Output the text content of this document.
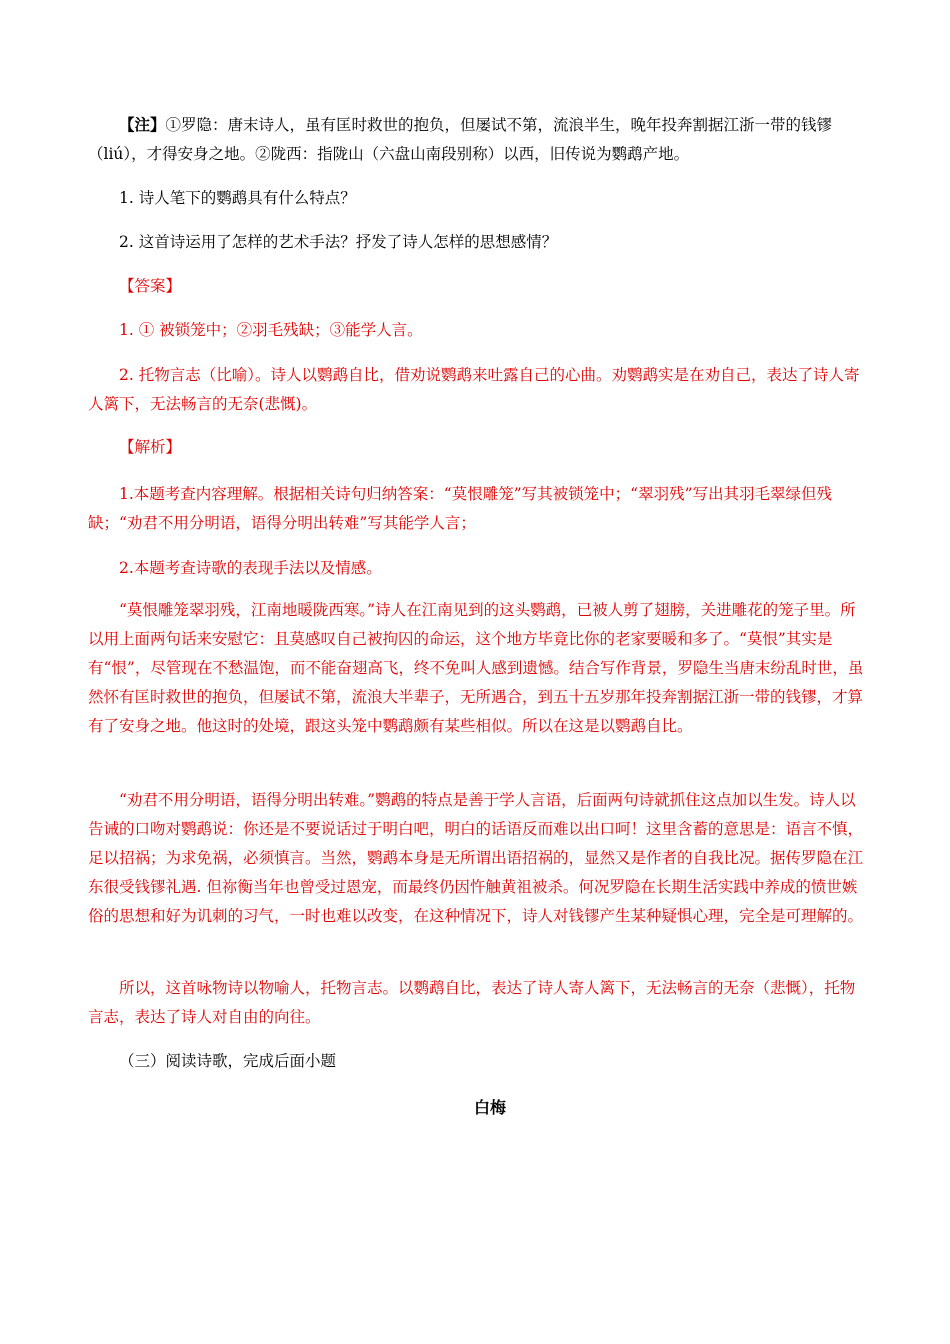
【注】①罗隐：唐末诗人，虽有匡时救世的抱负，但屡试不第，流浪半生，晚年投奔割据江浙一带的钱镠（liú），才得安身之地。②陇西：指陇山（六盘山南段别称）以西，旧传说为鹦鹉产地。

1. 诗人笔下的鹦鹉具有什么特点？

2. 这首诗运用了怎样的艺术手法？抒发了诗人怎样的思想感情？

【答案】

1. ① 被锁笼中；②羽毛残缺；③能学人言。

2. 托物言志（比喻）。诗人以鹦鹉自比，借劝说鹦鹉来吐露自己的心曲。劝鹦鹉实是在劝自己，表达了诗人寄人篱下，无法畅言的无奈(悲慨)。

【解析】

1.本题考查内容理解。根据相关诗句归纳答案：“莫恨雕笼”写其被锁笼中；“翠羽残”写出其羽毛翠绿但残缺；“劝君不用分明语，语得分明出转难”写其能学人言；

2.本题考查诗歌的表现手法以及情感。

“莫恨雕笼翠羽残，江南地暖陇西寒。”诗人在江南见到的这头鹦鹉，已被人剪了翅膀，关进雕花的笼子里。所以用上面两句话来安慰它：且莫感叹自己被拘囚的命运，这个地方毕竟比你的老家要暖和多了。“莫恨”其实是有“恨”，尽管现在不愁温饱，而不能奋翅高飞，终不免叫人感到遗憾。结合写作背景，罗隐生当唐末纷乱时世，虽然怀有匡时救世的抱负，但屡试不第，流浪大半辈子，无所遇合，到五十五岁那年投奔割据江浙一带的钱镠，才算有了安身之地。他这时的处境，跟这头笼中鹦鹉颇有某些相似。所以在这是以鹦鹉自比。

“劝君不用分明语，语得分明出转难。”鹦鹉的特点是善于学人言语，后面两句诗就抓住这点加以生发。诗人以告诫的口吻对鹦鹉说：你还是不要说话过于明白吧，明白的话语反而难以出口呵！这里含蓄的意思是：语言不慎，足以招祸；为求免祸，必须慎言。当然，鹦鹉本身是无所谓出语招祸的，显然又是作者的自我比况。据传罗隐在江东很受钱镠礼遇. 但祢衡当年也曾受过恩宠，而最终仍因忤触黄祖被杀。何况罗隐在长期生活实践中养成的愤世嫉俗的思想和好为讥刺的习气，一时也难以改变，在这种情况下，诗人对钱镠产生某种疑惧心理，完全是可理解的。

所以，这首咏物诗以物喻人，托物言志。以鹦鹉自比，表达了诗人寄人篱下，无法畅言的无奈（悲慨），托物言志，表达了诗人对自由的向往。

（三）阅读诗歌，完成后面小题

白梅
